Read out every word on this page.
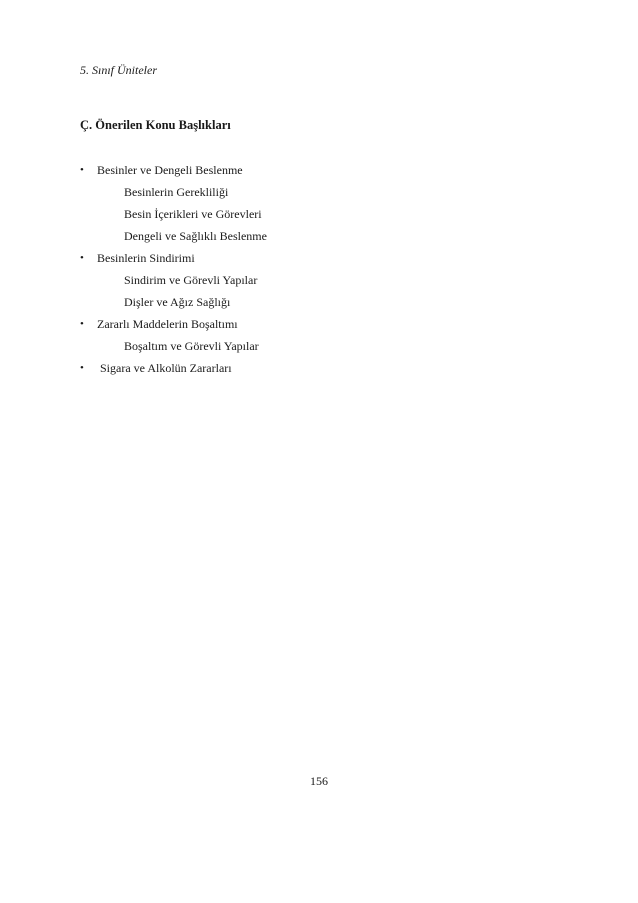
5. Sınıf Üniteler
Ç. Önerilen Konu Başlıkları
•	Besinler ve Dengeli Beslenme
Besinlerin Gerekliliği
Besin İçerikleri ve Görevleri
Dengeli ve Sağlıklı Beslenme
•	Besinlerin Sindirimi
Sindirim ve Görevli Yapılar
Dişler ve Ağız Sağlığı
•	Zararlı Maddelerin Boşaltımı
Boşaltım ve Görevli Yapılar
•	Sigara ve Alkolün Zararları
156
